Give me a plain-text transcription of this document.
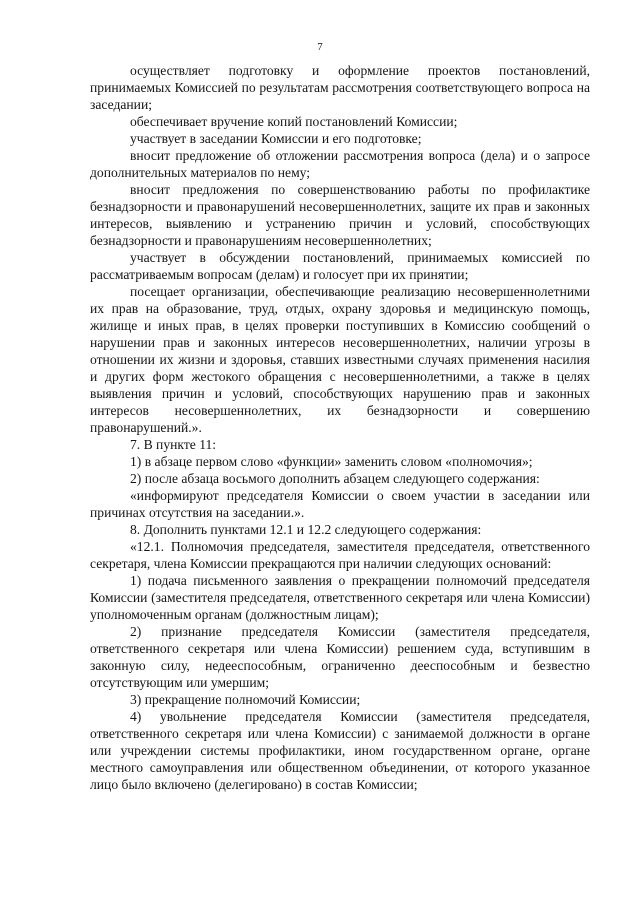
7

осуществляет подготовку и оформление проектов постановлений, принимаемых Комиссией по результатам рассмотрения соответствующего вопроса на заседании;

обеспечивает вручение копий постановлений Комиссии;

участвует в заседании Комиссии и его подготовке;

вносит предложение об отложении рассмотрения вопроса (дела) и о запросе дополнительных материалов по нему;

вносит предложения по совершенствованию работы по профилактике безнадзорности и правонарушений несовершеннолетних, защите их прав и законных интересов, выявлению и устранению причин и условий, способствующих безнадзорности и правонарушениям несовершеннолетних;

участвует в обсуждении постановлений, принимаемых комиссией по рассматриваемым вопросам (делам) и голосует при их принятии;

посещает организации, обеспечивающие реализацию несовершеннолетними их прав на образование, труд, отдых, охрану здоровья и медицинскую помощь, жилище и иных прав, в целях проверки поступивших в Комиссию сообщений о нарушении прав и законных интересов несовершеннолетних, наличии угрозы в отношении их жизни и здоровья, ставших известными случаях применения насилия и других форм жестокого обращения с несовершеннолетними, а также в целях выявления причин и условий, способствующих нарушению прав и законных интересов несовершеннолетних, их безнадзорности и совершению правонарушений.».

7. В пункте 11:

1) в абзаце первом слово «функции» заменить словом «полномочия»;

2) после абзаца восьмого дополнить абзацем следующего содержания:

«информируют председателя Комиссии о своем участии в заседании или причинах отсутствия на заседании.».

8. Дополнить пунктами 12.1 и 12.2 следующего содержания:

«12.1. Полномочия председателя, заместителя председателя, ответственного секретаря, члена Комиссии прекращаются при наличии следующих оснований:

1) подача письменного заявления о прекращении полномочий председателя Комиссии (заместителя председателя, ответственного секретаря или члена Комиссии) уполномоченным органам (должностным лицам);

2) признание председателя Комиссии (заместителя председателя, ответственного секретаря или члена Комиссии) решением суда, вступившим в законную силу, недееспособным, ограниченно дееспособным и безвестно отсутствующим или умершим;

3) прекращение полномочий Комиссии;

4) увольнение председателя Комиссии (заместителя председателя, ответственного секретаря или члена Комиссии) с занимаемой должности в органе или учреждении системы профилактики, ином государственном органе, органе местного самоуправления или общественном объединении, от которого указанное лицо было включено (делегировано) в состав Комиссии;
